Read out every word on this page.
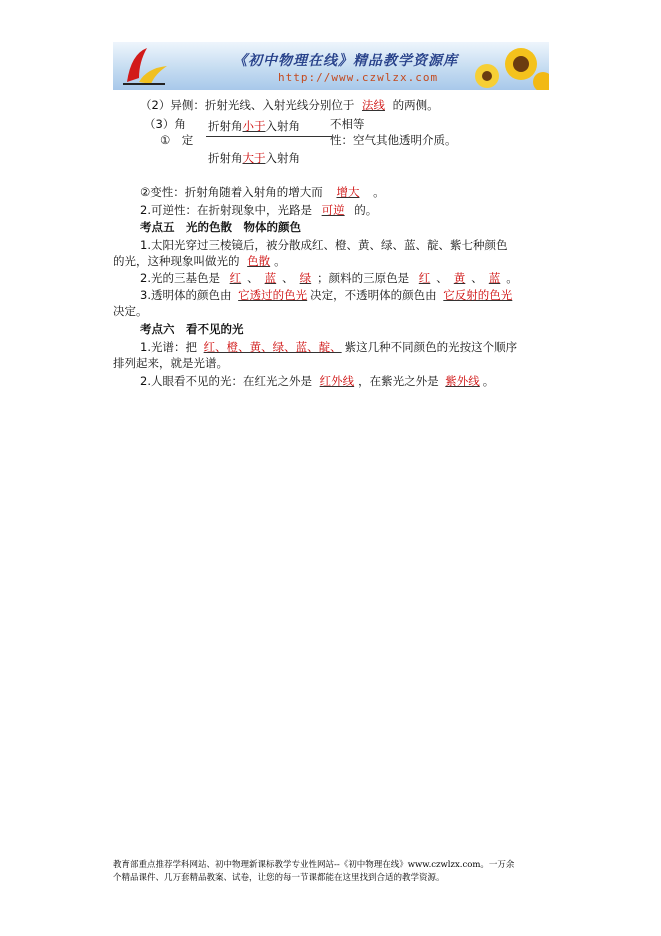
《初中物理在线》精品教学资源库
http://www.czwlzx.com
（2）异侧：折射光线、入射光线分别位于 法线 的两侧。
（3）角
①　定
折射角小于入射角
折射角大于入射角
不相等
性：空气其他透明介质。
②变性：折射角随着入射角的增大而 增大 。
2.可逆性：在折射现象中，光路是 可逆 的。
考点五　光的色散　物体的颜色
1.太阳光穿过三棱镜后，被分散成红、橙、黄、绿、蓝、靛、紫七种颜色
的光，这种现象叫做光的 色散 。
2.光的三基色是 红 、 蓝 、 绿 ；颜料的三原色是 红 、 黄 、 蓝 。
3.透明体的颜色由 它透过的色光 决定，不透明体的颜色由 它反射的色光
决定。
考点六　看不见的光
1.光谱：把 红、橙、黄、绿、蓝、靛、 紫这几种不同颜色的光按这个顺序
排列起来，就是光谱。
2.人眼看不见的光：在红光之外是 红外线 ，在紫光之外是 紫外线 。
教育部重点推荐学科网站、初中物理新课标教学专业性网站--《初中物理在线》www.czwlzx.com。一万余
个精品课件、几万套精品教案、试卷，让您的每一节课都能在这里找到合适的教学资源。
